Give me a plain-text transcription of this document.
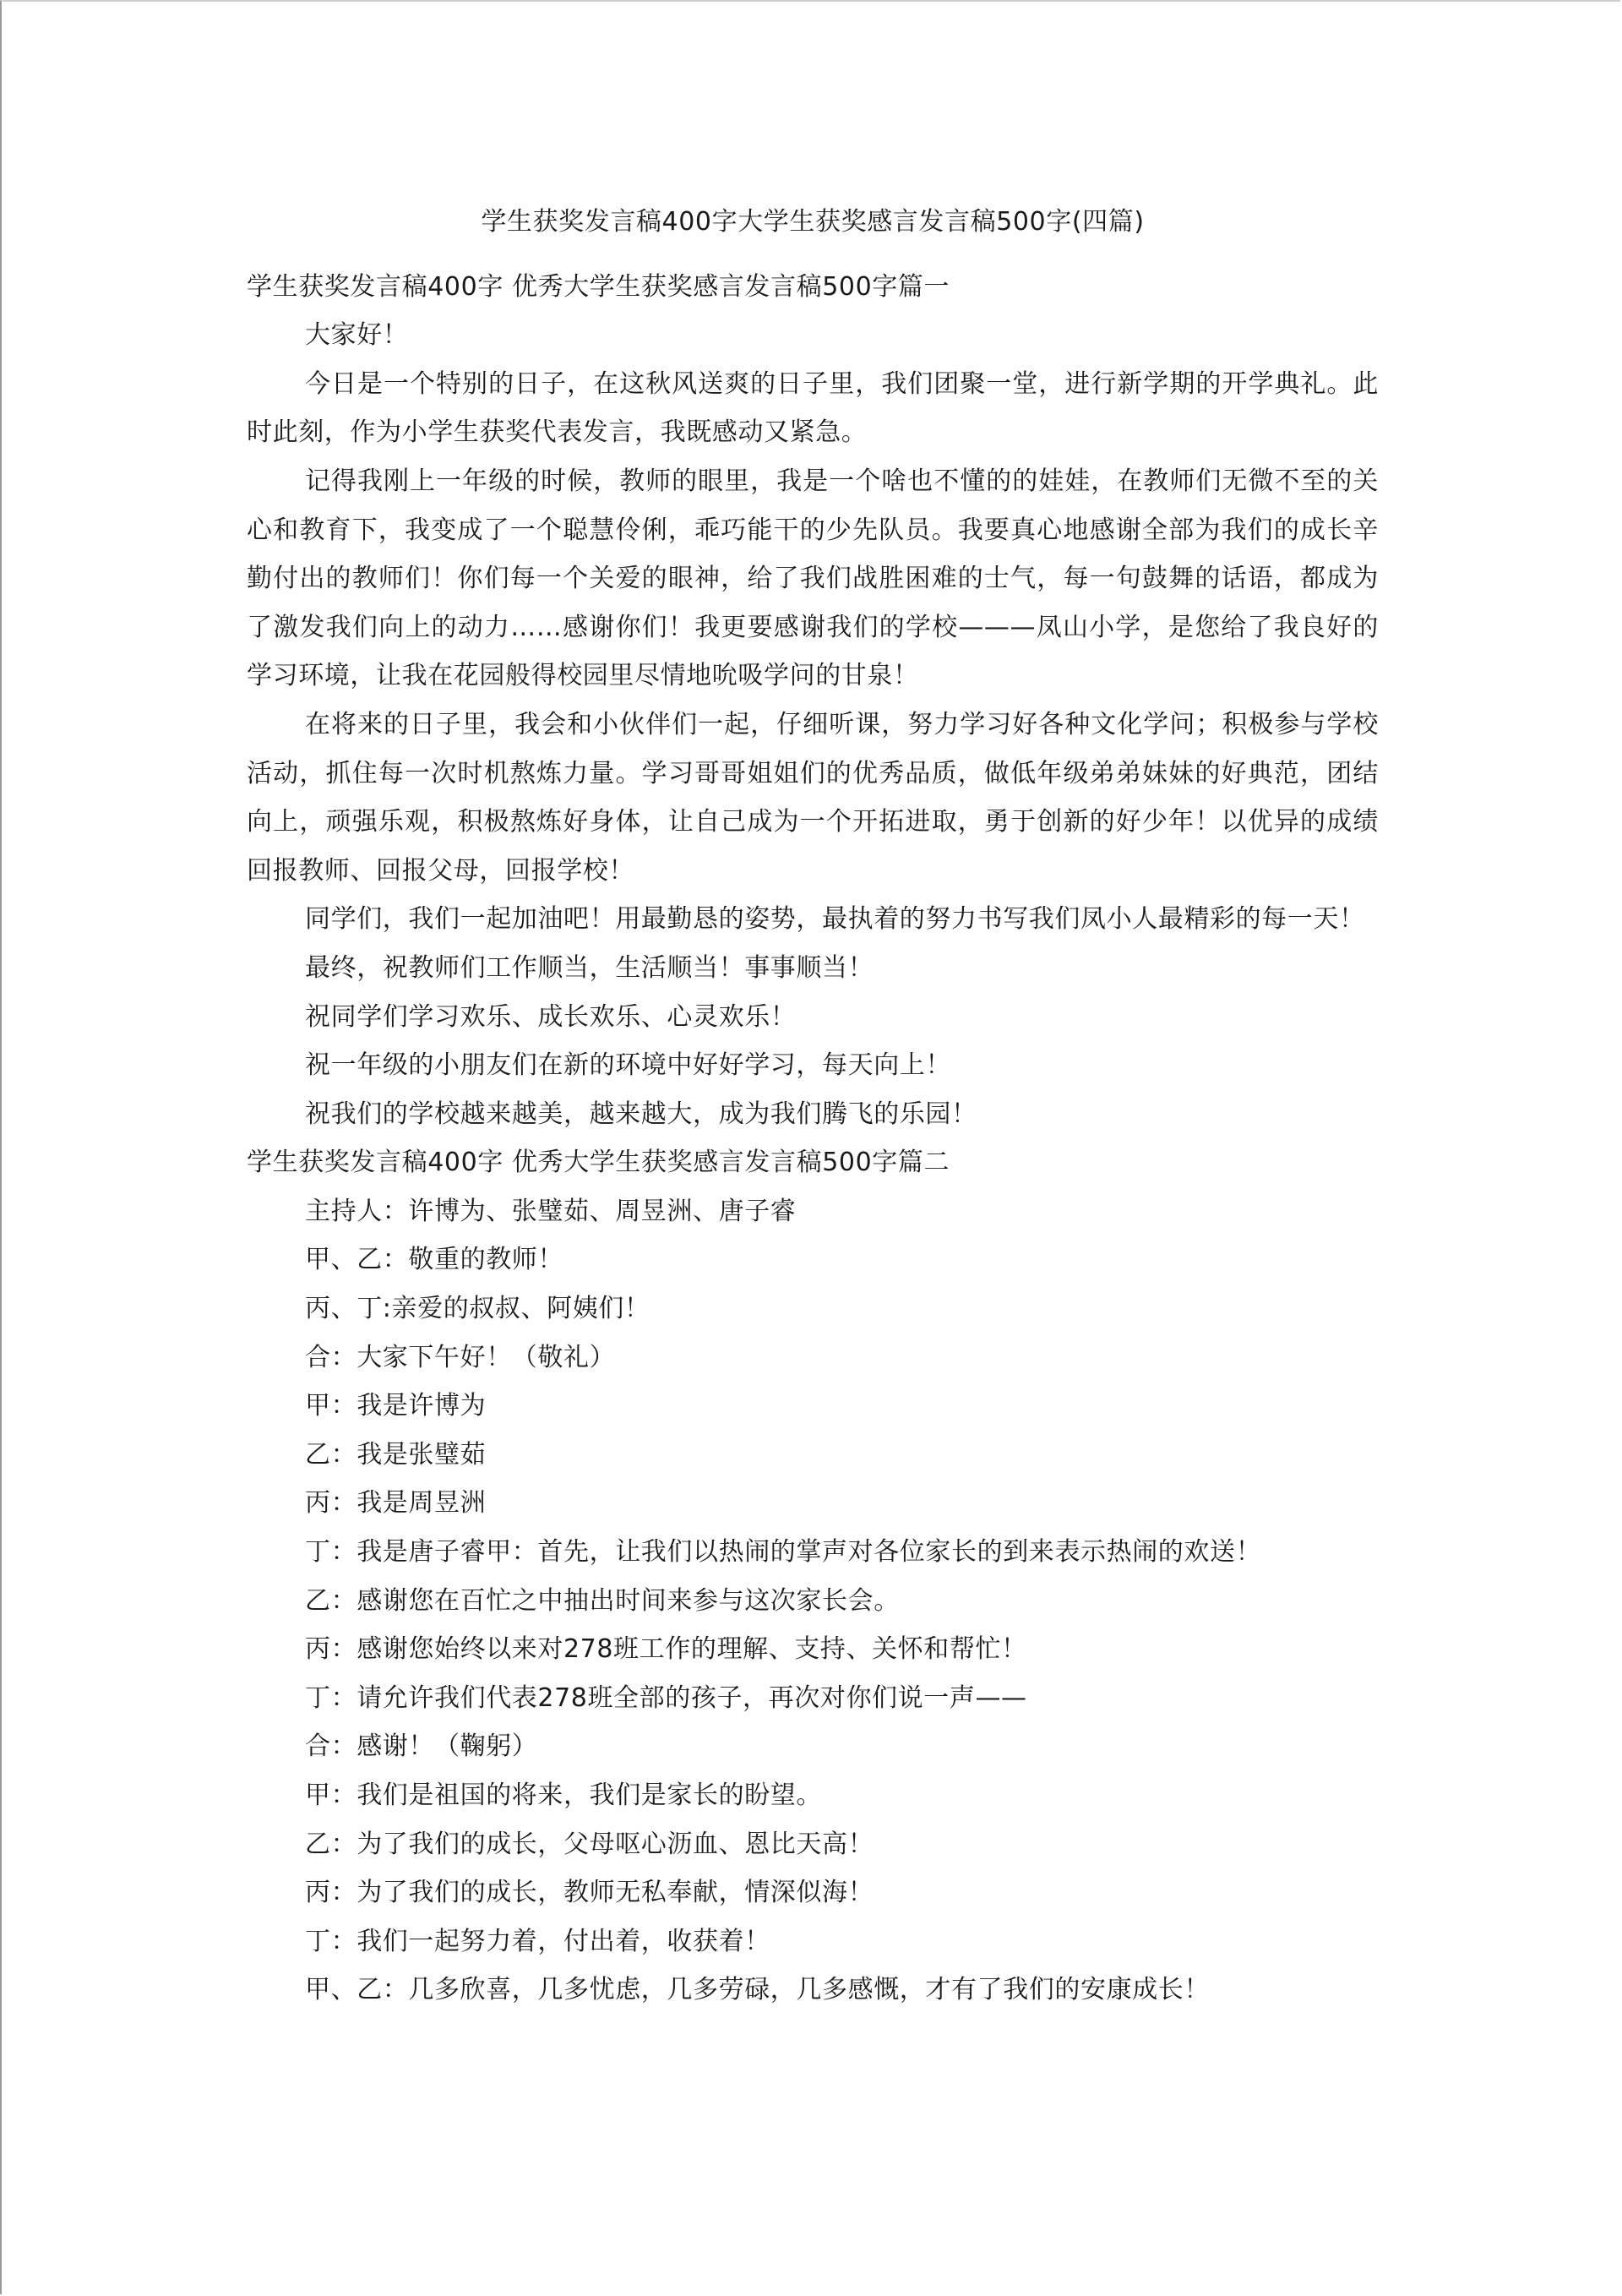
学生获奖发言稿400字大学生获奖感言发言稿500字(四篇)

学生获奖发言稿400字 优秀大学生获奖感言发言稿500字篇一

大家好！

今日是一个特别的日子，在这秋风送爽的日子里，我们团聚一堂，进行新学期的开学典礼。此时此刻，作为小学生获奖代表发言，我既感动又紧急。

记得我刚上一年级的时候，教师的眼里，我是一个啥也不懂的的娃娃，在教师们无微不至的关心和教育下，我变成了一个聪慧伶俐，乖巧能干的少先队员。我要真心地感谢全部为我们的成长辛勤付出的教师们！你们每一个关爱的眼神，给了我们战胜困难的士气，每一句鼓舞的话语，都成为了激发我们向上的动力……感谢你们！我更要感谢我们的学校———凤山小学，是您给了我良好的学习环境，让我在花园般得校园里尽情地吮吸学问的甘泉！

在将来的日子里，我会和小伙伴们一起，仔细听课，努力学习好各种文化学问；积极参与学校活动，抓住每一次时机熬炼力量。学习哥哥姐姐们的优秀品质，做低年级弟弟妹妹的好典范，团结向上，顽强乐观，积极熬炼好身体，让自己成为一个开拓进取，勇于创新的好少年！以优异的成绩回报教师、回报父母，回报学校！

同学们，我们一起加油吧！用最勤恳的姿势，最执着的努力书写我们凤小人最精彩的每一天！

最终，祝教师们工作顺当，生活顺当！事事顺当！

祝同学们学习欢乐、成长欢乐、心灵欢乐！

祝一年级的小朋友们在新的环境中好好学习，每天向上！

祝我们的学校越来越美，越来越大，成为我们腾飞的乐园！

学生获奖发言稿400字 优秀大学生获奖感言发言稿500字篇二

主持人：许博为、张璧茹、周昱洲、唐子睿

甲、乙：敬重的教师！

丙、丁:亲爱的叔叔、阿姨们！

合：大家下午好！（敬礼）

甲：我是许博为

乙：我是张璧茹

丙：我是周昱洲

丁：我是唐子睿甲：首先，让我们以热闹的掌声对各位家长的到来表示热闹的欢送！

乙：感谢您在百忙之中抽出时间来参与这次家长会。

丙：感谢您始终以来对278班工作的理解、支持、关怀和帮忙！

丁：请允许我们代表278班全部的孩子，再次对你们说一声——

合：感谢！（鞠躬）

甲：我们是祖国的将来，我们是家长的盼望。

乙：为了我们的成长，父母呕心沥血、恩比天高！

丙：为了我们的成长，教师无私奉献，情深似海！

丁：我们一起努力着，付出着，收获着！

甲、乙：几多欣喜，几多忧虑，几多劳碌，几多感慨，才有了我们的安康成长！
